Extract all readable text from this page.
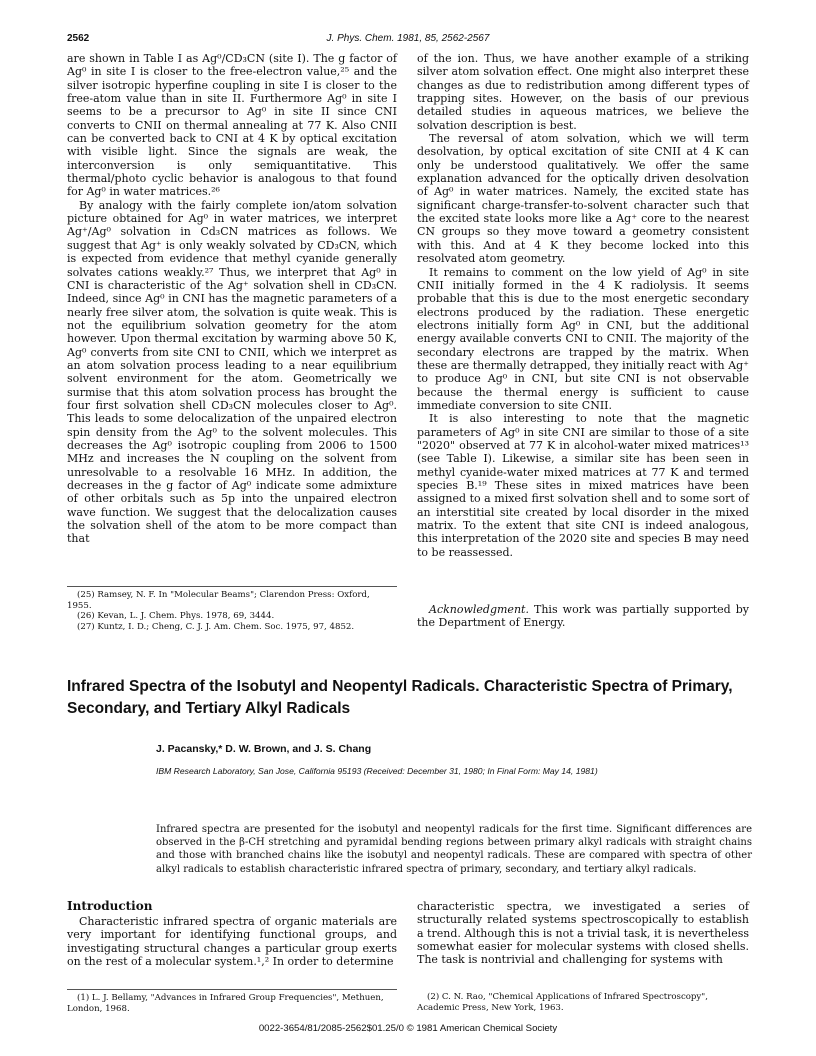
2562	J. Phys. Chem. 1981, 85, 2562-2567

are shown in Table I as Ag⁰/CD₃CN (site I). The g factor of Ag⁰ in site I is closer to the free-electron value,²⁵ and the silver isotropic hyperfine coupling in site I is closer to the free-atom value than in site II. Furthermore Ag⁰ in site I seems to be a precursor to Ag⁰ in site II since CNI converts to CNII on thermal annealing at 77 K. Also CNII can be converted back to CNI at 4 K by optical excitation with visible light. Since the signals are weak, the interconversion is only semiquantitative. This thermal/photo cyclic behavior is analogous to that found for Ag⁰ in water matrices.²⁶

By analogy with the fairly complete ion/atom solvation picture obtained for Ag⁰ in water matrices, we interpret Ag⁺/Ag⁰ solvation in Cd₃CN matrices as follows. We suggest that Ag⁺ is only weakly solvated by CD₃CN, which is expected from evidence that methyl cyanide generally solvates cations weakly.²⁷ Thus, we interpret that Ag⁰ in CNI is characteristic of the Ag⁺ solvation shell in CD₃CN. Indeed, since Ag⁰ in CNI has the magnetic parameters of a nearly free silver atom, the solvation is quite weak. This is not the equilibrium solvation geometry for the atom however. Upon thermal excitation by warming above 50 K, Ag⁰ converts from site CNI to CNII, which we interpret as an atom solvation process leading to a near equilibrium solvent environment for the atom. Geometrically we surmise that this atom solvation process has brought the four first solvation shell CD₃CN molecules closer to Ag⁰. This leads to some delocalization of the unpaired electron spin density from the Ag⁰ to the solvent molecules. This decreases the Ag⁰ isotropic coupling from 2006 to 1500 MHz and increases the N coupling on the solvent from unresolvable to a resolvable 16 MHz. In addition, the decreases in the g factor of Ag⁰ indicate some admixture of other orbitals such as 5p into the unpaired electron wave function. We suggest that the delocalization causes the solvation shell of the atom to be more compact than that

(25) Ramsey, N. F. In "Molecular Beams"; Clarendon Press: Oxford, 1955.

(26) Kevan, L. J. Chem. Phys. 1978, 69, 3444.

(27) Kuntz, I. D.; Cheng, C. J. J. Am. Chem. Soc. 1975, 97, 4852.

of the ion. Thus, we have another example of a striking silver atom solvation effect. One might also interpret these changes as due to redistribution among different types of trapping sites. However, on the basis of our previous detailed studies in aqueous matrices, we believe the solvation description is best.

The reversal of atom solvation, which we will term desolvation, by optical excitation of site CNII at 4 K can only be understood qualitatively. We offer the same explanation advanced for the optically driven desolvation of Ag⁰ in water matrices. Namely, the excited state has significant charge-transfer-to-solvent character such that the excited state looks more like a Ag⁺ core to the nearest CN groups so they move toward a geometry consistent with this. And at 4 K they become locked into this resolvated atom geometry.

It remains to comment on the low yield of Ag⁰ in site CNII initially formed in the 4 K radiolysis. It seems probable that this is due to the most energetic secondary electrons produced by the radiation. These energetic electrons initially form Ag⁰ in CNI, but the additional energy available converts CNI to CNII. The majority of the secondary electrons are trapped by the matrix. When these are thermally detrapped, they initially react with Ag⁺ to produce Ag⁰ in CNI, but site CNI is not observable because the thermal energy is sufficient to cause immediate conversion to site CNII.

It is also interesting to note that the magnetic parameters of Ag⁰ in site CNI are similar to those of a site "2020" observed at 77 K in alcohol-water mixed matrices¹³ (see Table I). Likewise, a similar site has been seen in methyl cyanide-water mixed matrices at 77 K and termed species B.¹⁹ These sites in mixed matrices have been assigned to a mixed first solvation shell and to some sort of an interstitial site created by local disorder in the mixed matrix. To the extent that site CNI is indeed analogous, this interpretation of the 2020 site and species B may need to be reassessed.

Acknowledgment. This work was partially supported by the Department of Energy.

Infrared Spectra of the Isobutyl and Neopentyl Radicals. Characteristic Spectra of Primary, Secondary, and Tertiary Alkyl Radicals
J. Pacansky,* D. W. Brown, and J. S. Chang
IBM Research Laboratory, San Jose, California 95193 (Received: December 31, 1980; In Final Form: May 14, 1981)

Infrared spectra are presented for the isobutyl and neopentyl radicals for the first time. Significant differences are observed in the β-CH stretching and pyramidal bending regions between primary alkyl radicals with straight chains and those with branched chains like the isobutyl and neopentyl radicals. These are compared with spectra of other alkyl radicals to establish characteristic infrared spectra of primary, secondary, and tertiary alkyl radicals.

Introduction

Characteristic infrared spectra of organic materials are very important for identifying functional groups, and investigating structural changes a particular group exerts on the rest of a molecular system.¹,² In order to determine

characteristic spectra, we investigated a series of structurally related systems spectroscopically to establish a trend. Although this is not a trivial task, it is nevertheless somewhat easier for molecular systems with closed shells. The task is nontrivial and challenging for systems with

(1) L. J. Bellamy, "Advances in Infrared Group Frequencies", Methuen, London, 1968.

(2) C. N. Rao, "Chemical Applications of Infrared Spectroscopy", Academic Press, New York, 1963.

0022-3654/81/2085-2562$01.25/0 © 1981 American Chemical Society
